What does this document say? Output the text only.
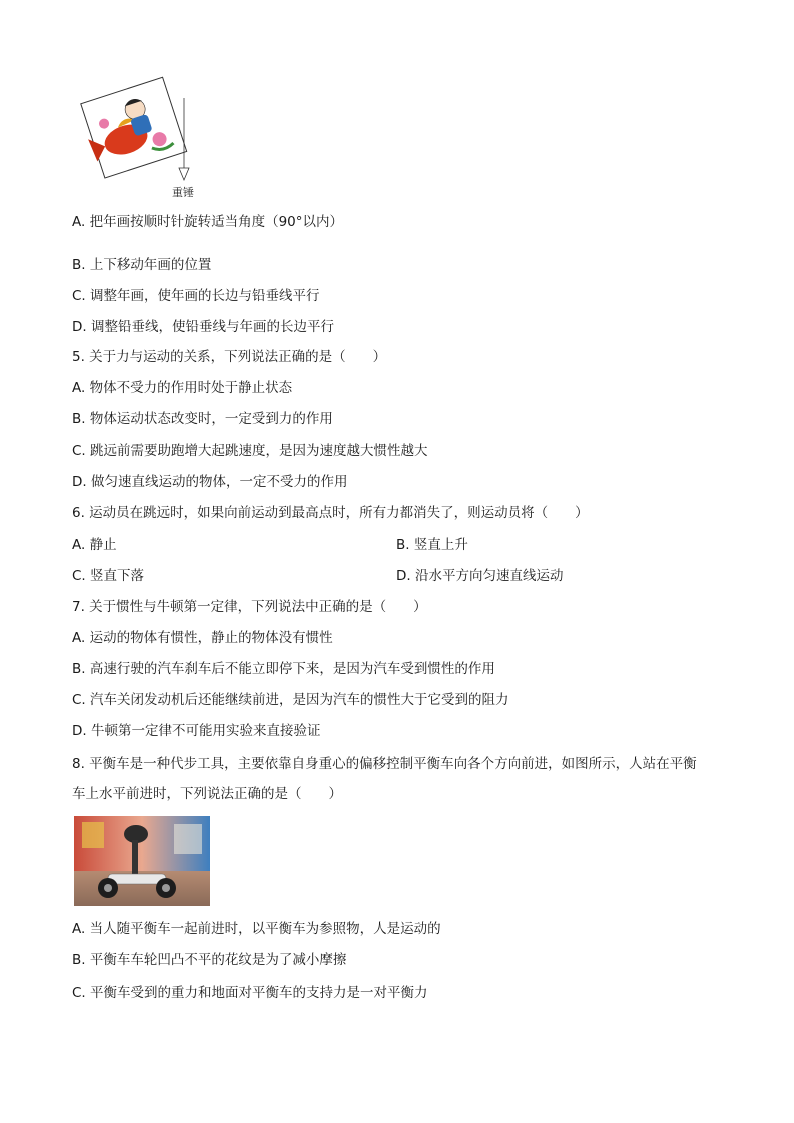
重锤
A. 把年画按顺时针旋转适当角度（90°以内）
B. 上下移动年画的位置
C. 调整年画，使年画的长边与铅垂线平行
D. 调整铅垂线，使铅垂线与年画的长边平行
5. 关于力与运动的关系，下列说法正确的是（　　）
A. 物体不受力的作用时处于静止状态
B. 物体运动状态改变时，一定受到力的作用
C. 跳远前需要助跑增大起跳速度，是因为速度越大惯性越大
D. 做匀速直线运动的物体，一定不受力的作用
6. 运动员在跳远时，如果向前运动到最高点时，所有力都消失了，则运动员将（　　）
A. 静止	B. 竖直上升
C. 竖直下落	D. 沿水平方向匀速直线运动
7. 关于惯性与牛顿第一定律，下列说法中正确的是（　　）
A. 运动的物体有惯性，静止的物体没有惯性
B. 高速行驶的汽车刹车后不能立即停下来，是因为汽车受到惯性的作用
C. 汽车关闭发动机后还能继续前进，是因为汽车的惯性大于它受到的阻力
D. 牛顿第一定律不可能用实验来直接验证
8. 平衡车是一种代步工具，主要依靠自身重心的偏移控制平衡车向各个方向前进，如图所示，人站在平衡
车上水平前进时，下列说法正确的是（　　）
A. 当人随平衡车一起前进时，以平衡车为参照物，人是运动的
B. 平衡车车轮凹凸不平的花纹是为了减小摩擦
C. 平衡车受到的重力和地面对平衡车的支持力是一对平衡力
